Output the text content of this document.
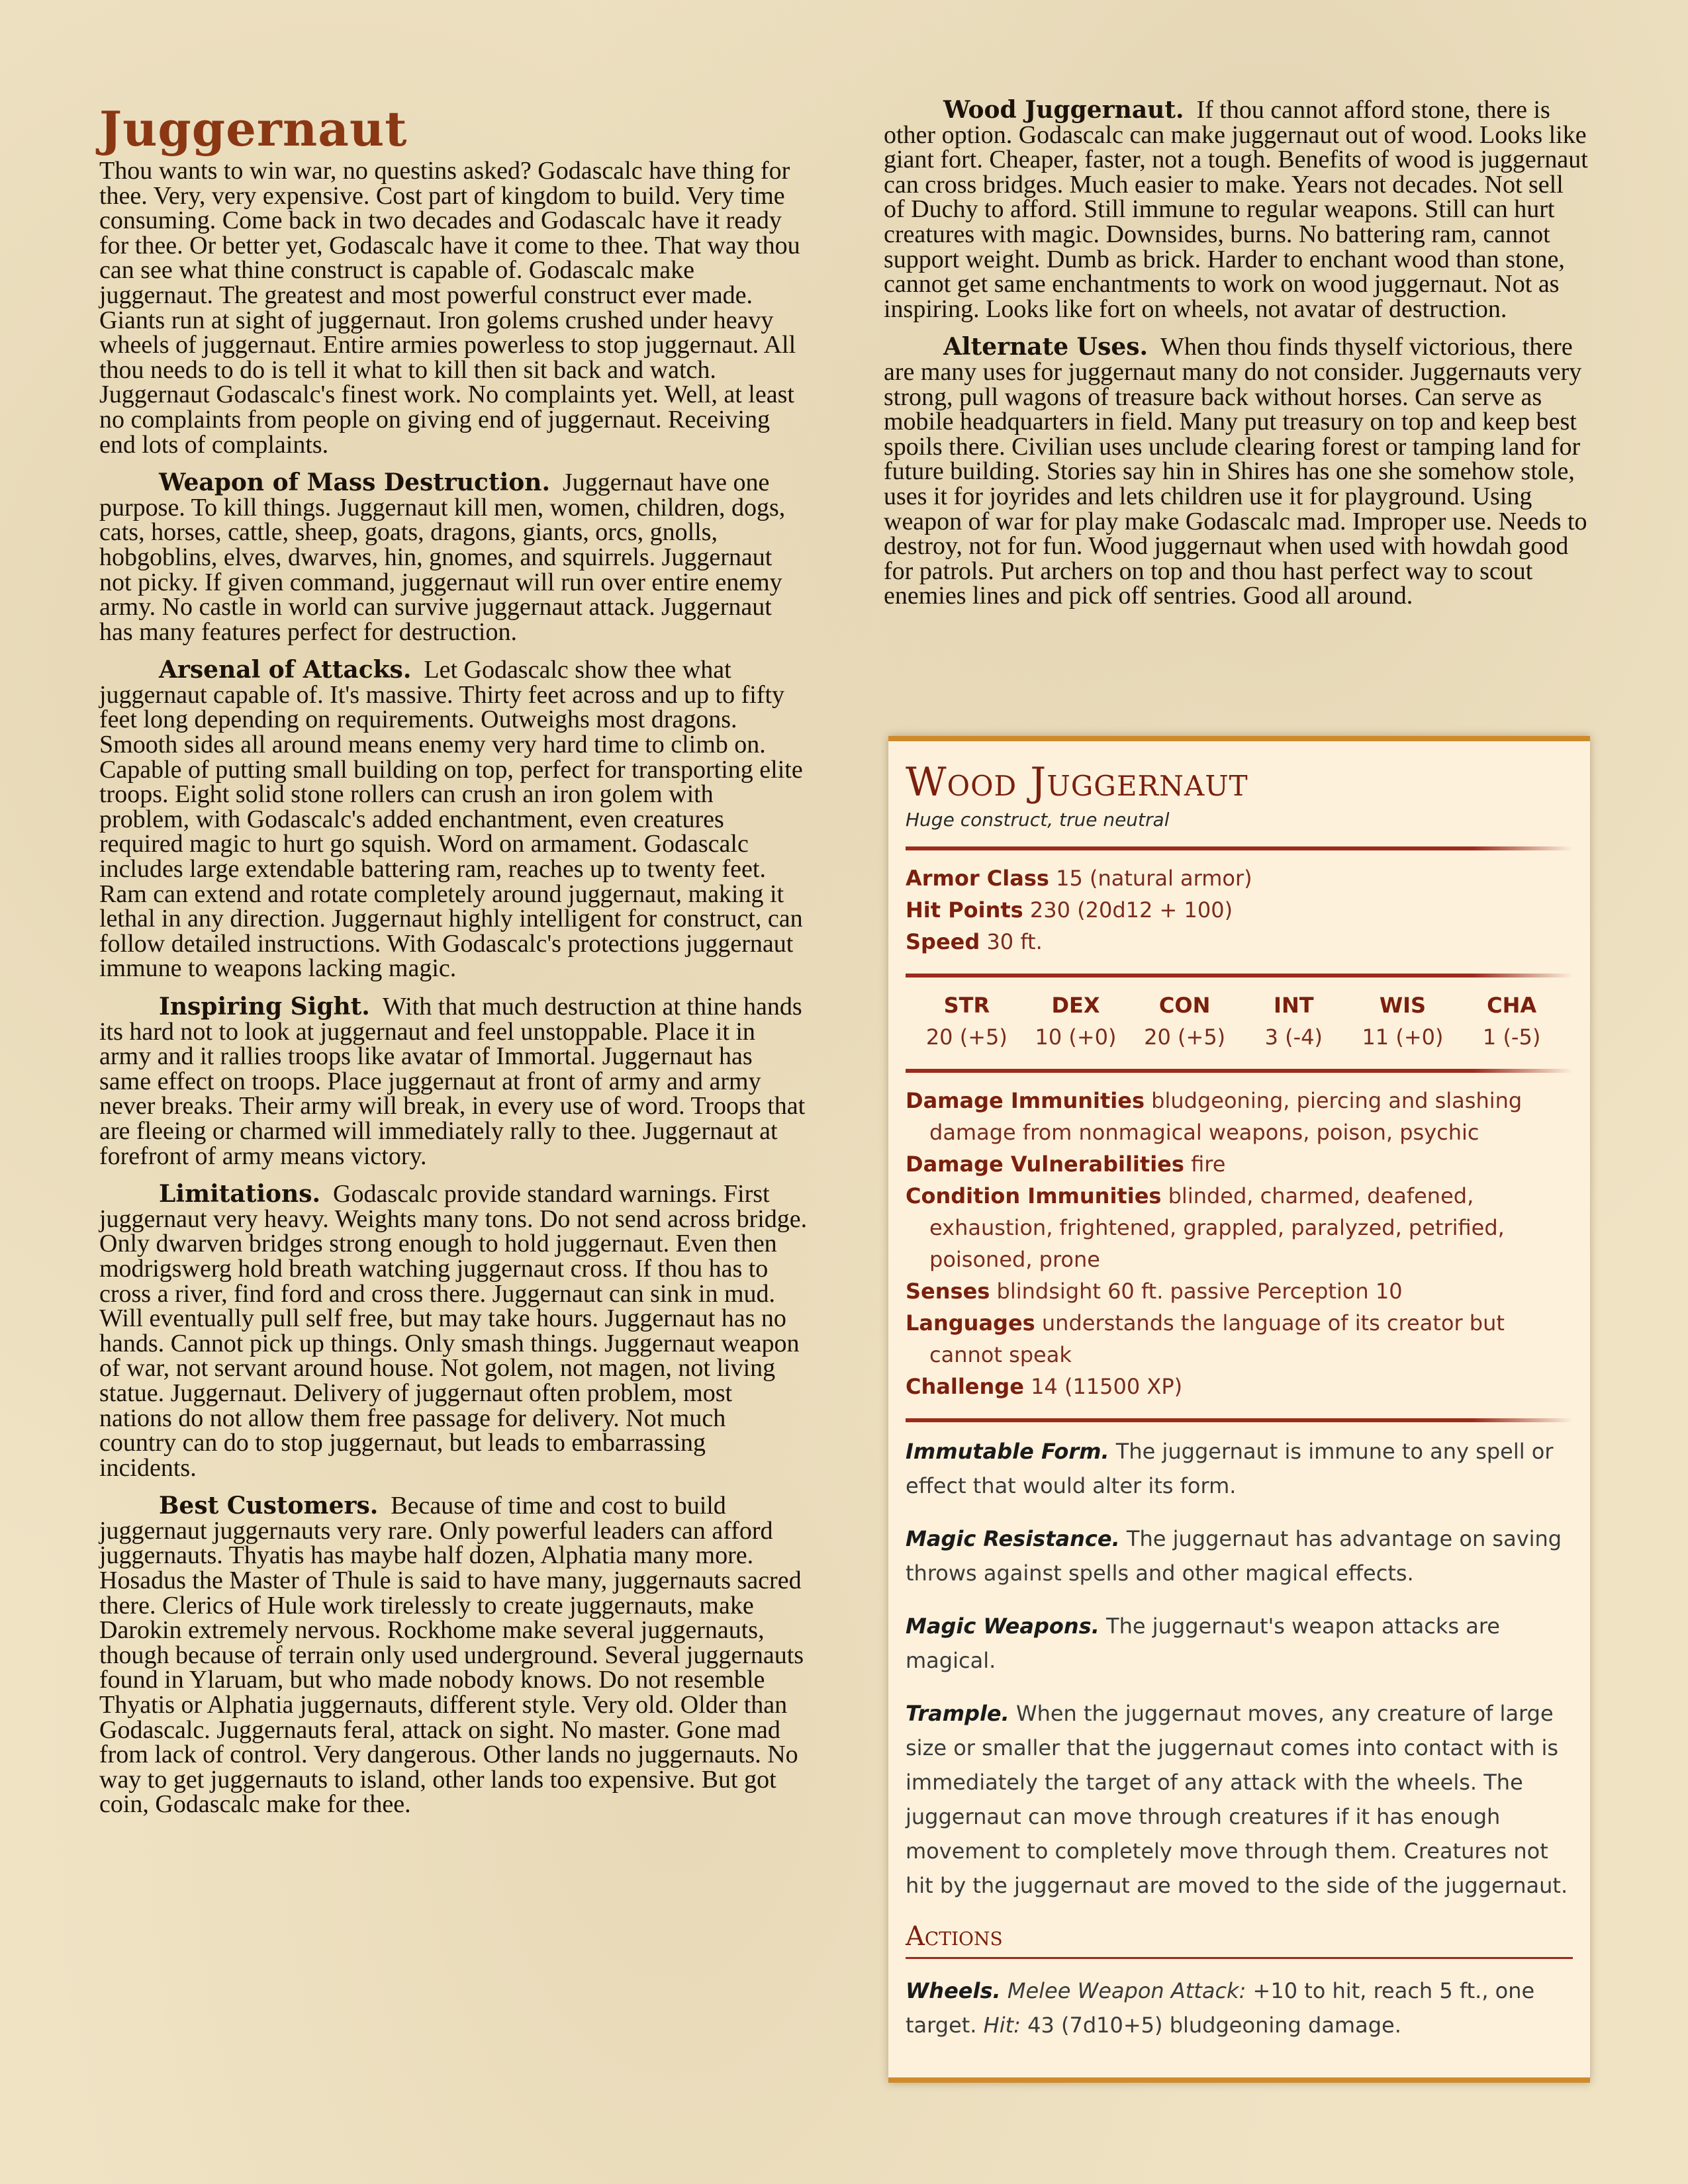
Juggernaut

Thou wants to win war, no questins asked? Godascalc have thing for thee. Very, very expensive. Cost part of kingdom to build. Very time consuming. Come back in two decades and Godascalc have it ready for thee. Or better yet, Godascalc have it come to thee. That way thou can see what thine construct is capable of. Godascalc make juggernaut. The greatest and most powerful construct ever made. Giants run at sight of juggernaut. Iron golems crushed under heavy wheels of juggernaut. Entire armies powerless to stop juggernaut. All thou needs to do is tell it what to kill then sit back and watch. Juggernaut Godascalc's finest work. No complaints yet. Well, at least no complaints from people on giving end of juggernaut. Receiving end lots of complaints.

Weapon of Mass Destruction. Juggernaut have one purpose. To kill things. Juggernaut kill men, women, children, dogs, cats, horses, cattle, sheep, goats, dragons, giants, orcs, gnolls, hobgoblins, elves, dwarves, hin, gnomes, and squirrels. Juggernaut not picky. If given command, juggernaut will run over entire enemy army. No castle in world can survive juggernaut attack. Juggernaut has many features perfect for destruction.

Arsenal of Attacks. Let Godascalc show thee what juggernaut capable of. It's massive. Thirty feet across and up to fifty feet long depending on requirements. Outweighs most dragons. Smooth sides all around means enemy very hard time to climb on. Capable of putting small building on top, perfect for transporting elite troops. Eight solid stone rollers can crush an iron golem with problem, with Godascalc's added enchantment, even creatures required magic to hurt go squish. Word on armament. Godascalc includes large extendable battering ram, reaches up to twenty feet. Ram can extend and rotate completely around juggernaut, making it lethal in any direction. Juggernaut highly intelligent for construct, can follow detailed instructions. With Godascalc's protections juggernaut immune to weapons lacking magic.

Inspiring Sight. With that much destruction at thine hands its hard not to look at juggernaut and feel unstoppable. Place it in army and it rallies troops like avatar of Immortal. Juggernaut has same effect on troops. Place juggernaut at front of army and army never breaks. Their army will break, in every use of word. Troops that are fleeing or charmed will immediately rally to thee. Juggernaut at forefront of army means victory.

Limitations. Godascalc provide standard warnings. First juggernaut very heavy. Weights many tons. Do not send across bridge. Only dwarven bridges strong enough to hold juggernaut. Even then modrigswerg hold breath watching juggernaut cross. If thou has to cross a river, find ford and cross there. Juggernaut can sink in mud. Will eventually pull self free, but may take hours. Juggernaut has no hands. Cannot pick up things. Only smash things. Juggernaut weapon of war, not servant around house. Not golem, not magen, not living statue. Juggernaut. Delivery of juggernaut often problem, most nations do not allow them free passage for delivery. Not much country can do to stop juggernaut, but leads to embarrassing incidents.

Best Customers. Because of time and cost to build juggernaut juggernauts very rare. Only powerful leaders can afford juggernauts. Thyatis has maybe half dozen, Alphatia many more. Hosadus the Master of Thule is said to have many, juggernauts sacred there. Clerics of Hule work tirelessly to create juggernauts, make Darokin extremely nervous. Rockhome make several juggernauts, though because of terrain only used underground. Several juggernauts found in Ylaruam, but who made nobody knows. Do not resemble Thyatis or Alphatia juggernauts, different style. Very old. Older than Godascalc. Juggernauts feral, attack on sight. No master. Gone mad from lack of control. Very dangerous. Other lands no juggernauts. No way to get juggernauts to island, other lands too expensive. But got coin, Godascalc make for thee.

Wood Juggernaut. If thou cannot afford stone, there is other option. Godascalc can make juggernaut out of wood. Looks like giant fort. Cheaper, faster, not a tough. Benefits of wood is juggernaut can cross bridges. Much easier to make. Years not decades. Not sell of Duchy to afford. Still immune to regular weapons. Still can hurt creatures with magic. Downsides, burns. No battering ram, cannot support weight. Dumb as brick. Harder to enchant wood than stone, cannot get same enchantments to work on wood juggernaut. Not as inspiring. Looks like fort on wheels, not avatar of destruction.

Alternate Uses. When thou finds thyself victorious, there are many uses for juggernaut many do not consider. Juggernauts very strong, pull wagons of treasure back without horses. Can serve as mobile headquarters in field. Many put treasury on top and keep best spoils there. Civilian uses unclude clearing forest or tamping land for future building. Stories say hin in Shires has one she somehow stole, uses it for joyrides and lets children use it for playground. Using weapon of war for play make Godascalc mad. Improper use. Needs to destroy, not for fun. Wood juggernaut when used with howdah good for patrols. Put archers on top and thou hast perfect way to scout enemies lines and pick off sentries. Good all around.

Wood Juggernaut
Huge construct, true neutral
Armor Class 15 (natural armor)
Hit Points 230 (20d12 + 100)
Speed 30 ft.
STR
20 (+5)
DEX
10 (+0)
CON
20 (+5)
INT
3 (-4)
WIS
11 (+0)
CHA
1 (-5)
Damage Immunities bludgeoning, piercing and slashing damage from nonmagical weapons, poison, psychic
Damage Vulnerabilities fire
Condition Immunities blinded, charmed, deafened, exhaustion, frightened, grappled, paralyzed, petrified, poisoned, prone
Senses blindsight 60 ft. passive Perception 10
Languages understands the language of its creator but cannot speak
Challenge 14 (11500 XP)

Immutable Form. The juggernaut is immune to any spell or effect that would alter its form.

Magic Resistance. The juggernaut has advantage on saving throws against spells and other magical effects.

Magic Weapons. The juggernaut's weapon attacks are magical.

Trample. When the juggernaut moves, any creature of large size or smaller that the juggernaut comes into contact with is immediately the target of any attack with the wheels. The juggernaut can move through creatures if it has enough movement to completely move through them. Creatures not hit by the juggernaut are moved to the side of the juggernaut.

Actions

Wheels. Melee Weapon Attack: +10 to hit, reach 5 ft., one target. Hit: 43 (7d10+5) bludgeoning damage.
